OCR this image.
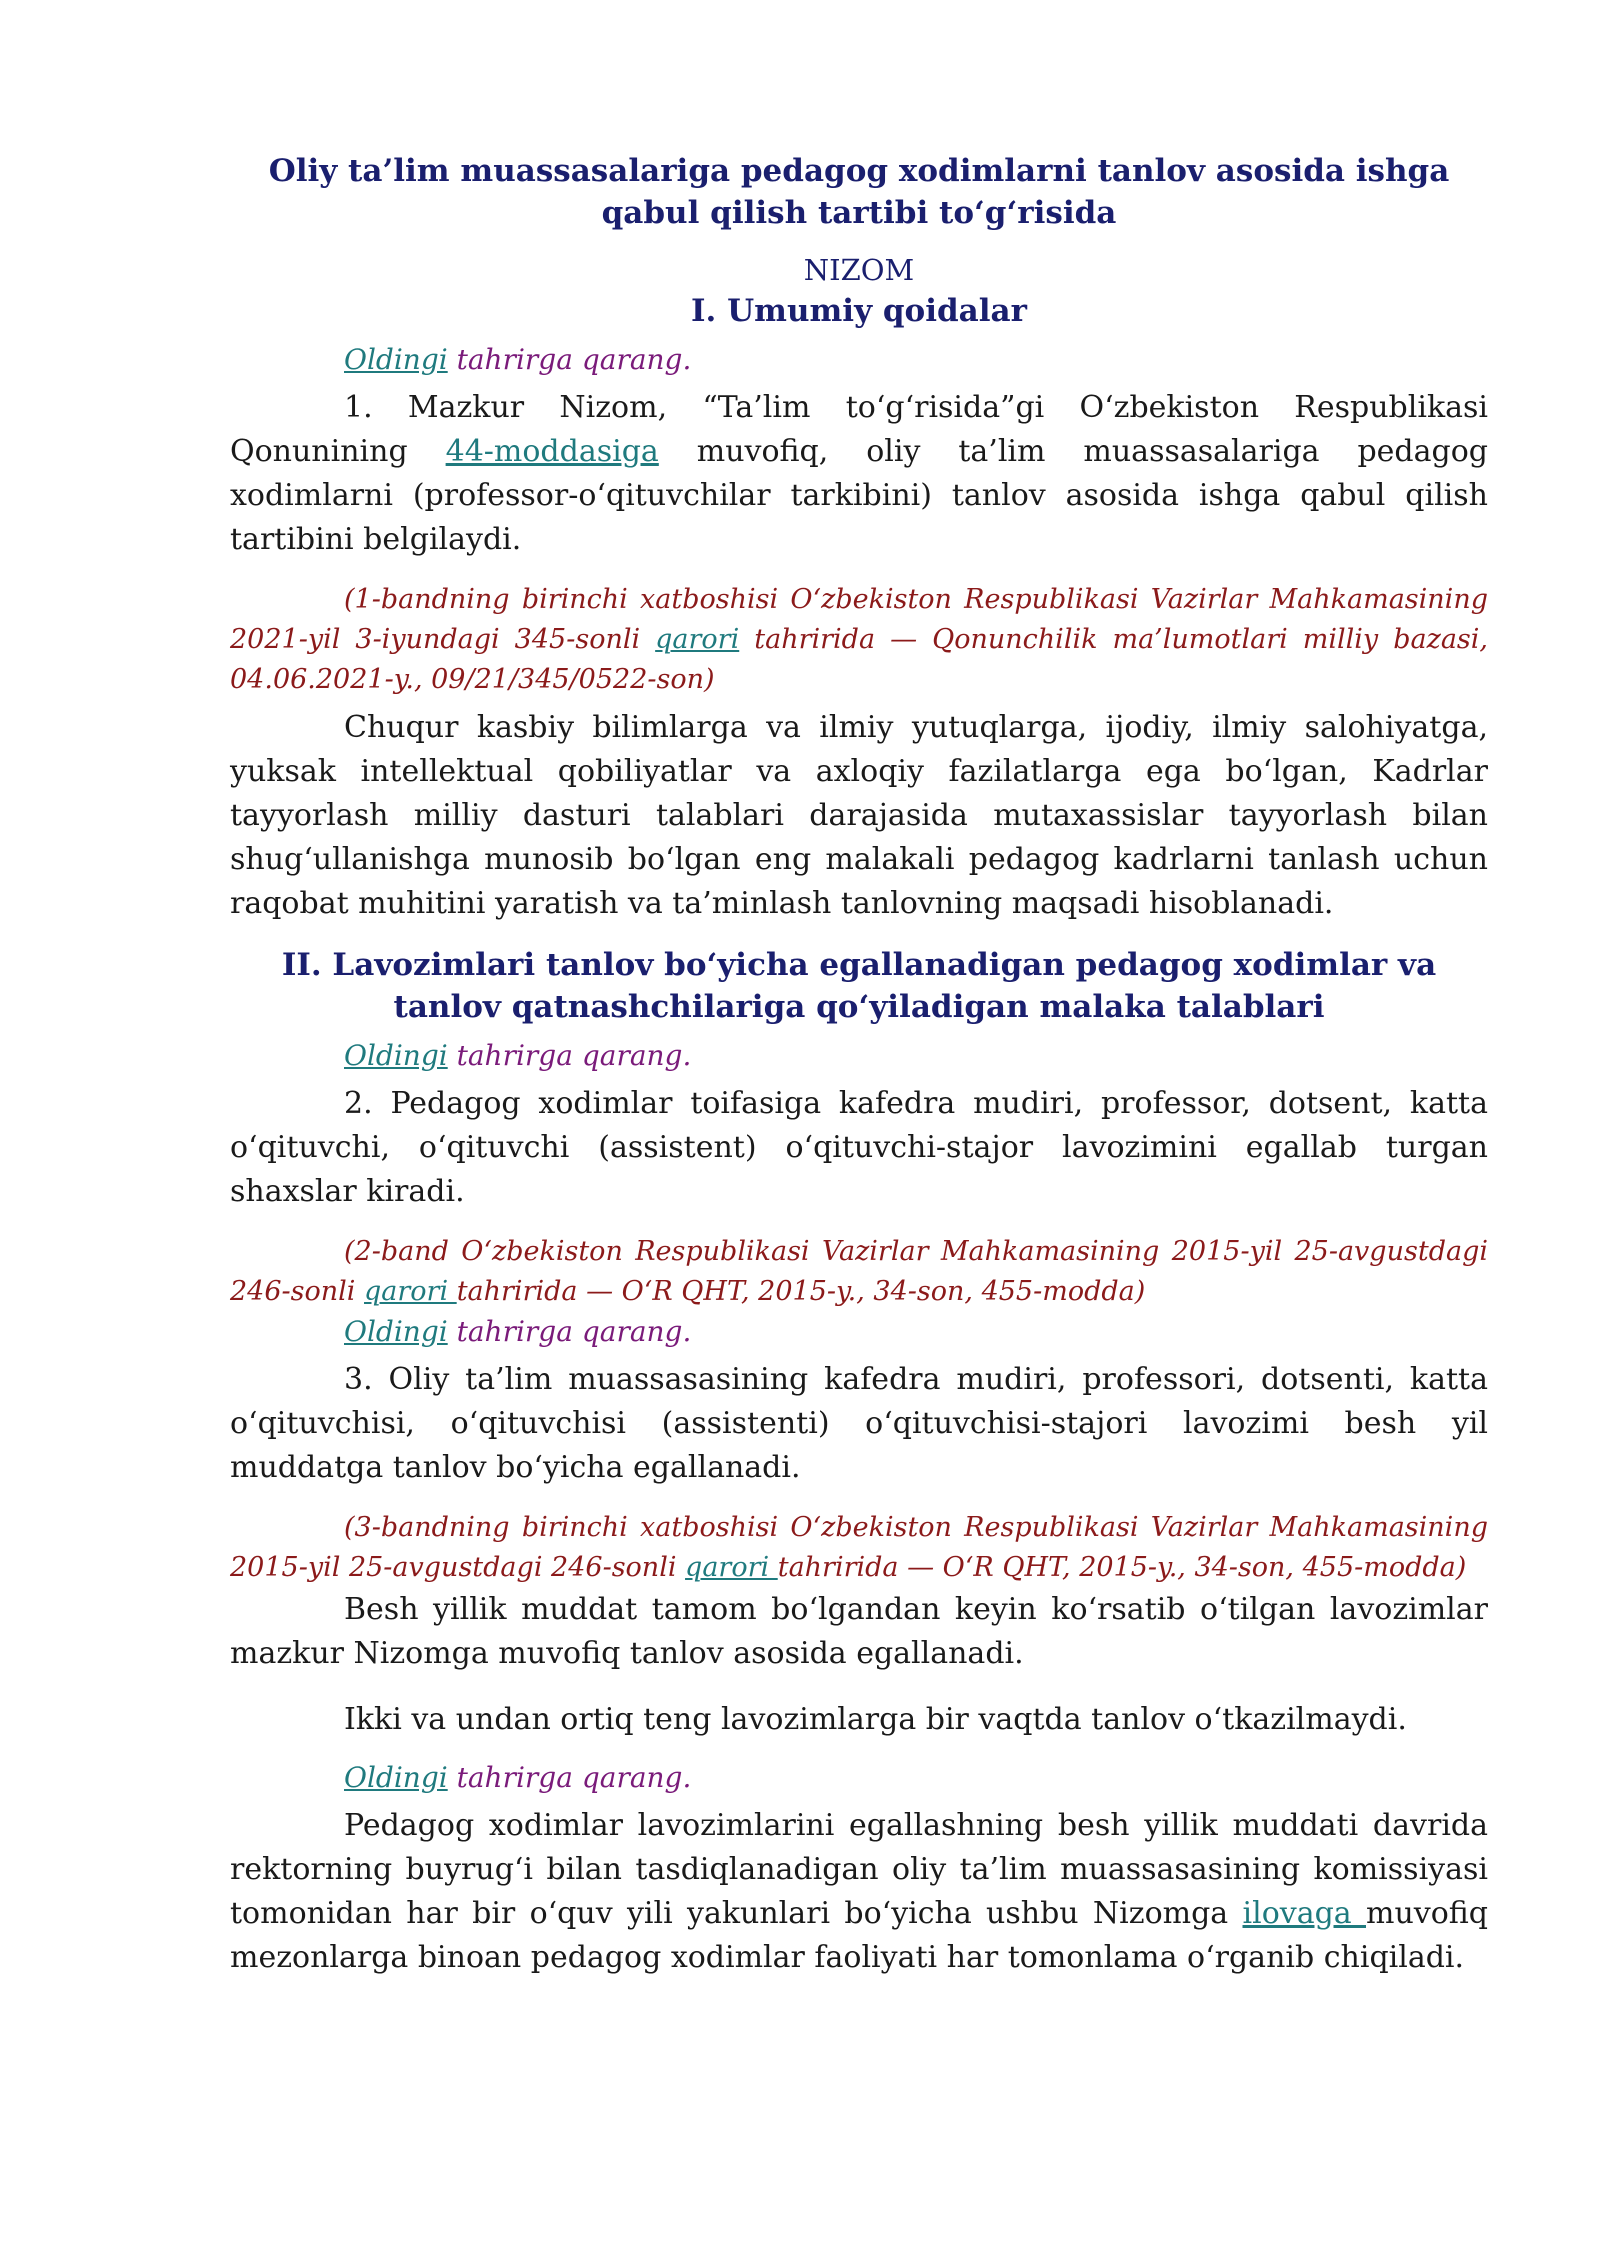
Oliy ta’lim muassasalariga pedagog xodimlarni tanlov asosida ishga qabul qilish tartibi to‘g‘risida
NIZOM
I. Umumiy qoidalar

Oldingi tahrirga qarang.

1. Mazkur Nizom, “Ta’lim to‘g‘risida”gi O‘zbekiston Respublikasi Qonunining 44-moddasiga muvofiq, oliy ta’lim muassasalariga pedagog xodimlarni (professor-o‘qituvchilar tarkibini) tanlov asosida ishga qabul qilish tartibini belgilaydi.

(1-bandning birinchi xatboshisi O‘zbekiston Respublikasi Vazirlar Mahkamasining 2021-yil 3-iyundagi 345-sonli qarori tahririda — Qonunchilik ma’lumotlari milliy bazasi, 04.06.2021-y., 09/21/345/0522-son)

Chuqur kasbiy bilimlarga va ilmiy yutuqlarga, ijodiy, ilmiy salohiyatga, yuksak intellektual qobiliyatlar va axloqiy fazilatlarga ega bo‘lgan, Kadrlar tayyorlash milliy dasturi talablari darajasida mutaxassislar tayyorlash bilan shug‘ullanishga munosib bo‘lgan eng malakali pedagog kadrlarni tanlash uchun raqobat muhitini yaratish va ta’minlash tanlovning maqsadi hisoblanadi.

II. Lavozimlari tanlov bo‘yicha egallanadigan pedagog xodimlar va tanlov qatnashchilariga qo‘yiladigan malaka talablari

Oldingi tahrirga qarang.

2. Pedagog xodimlar toifasiga kafedra mudiri, professor, dotsent, katta o‘qituvchi, o‘qituvchi (assistent) o‘qituvchi-stajor lavozimini egallab turgan shaxslar kiradi.

(2-band O‘zbekiston Respublikasi Vazirlar Mahkamasining 2015-yil 25-avgustdagi 246-sonli qarori tahririda — O‘R QHT, 2015-y., 34-son, 455-modda)

Oldingi tahrirga qarang.

3. Oliy ta’lim muassasasining kafedra mudiri, professori, dotsenti, katta o‘qituvchisi, o‘qituvchisi (assistenti) o‘qituvchisi-stajori lavozimi besh yil muddatga tanlov bo‘yicha egallanadi.

(3-bandning birinchi xatboshisi O‘zbekiston Respublikasi Vazirlar Mahkamasining 2015-yil 25-avgustdagi 246-sonli qarori tahririda — O‘R QHT, 2015-y., 34-son, 455-modda)

Besh yillik muddat tamom bo‘lgandan keyin ko‘rsatib o‘tilgan lavozimlar mazkur Nizomga muvofiq tanlov asosida egallanadi.

Ikki va undan ortiq teng lavozimlarga bir vaqtda tanlov o‘tkazilmaydi.

Oldingi tahrirga qarang.

Pedagog xodimlar lavozimlarini egallashning besh yillik muddati davrida rektorning buyrug‘i bilan tasdiqlanadigan oliy ta’lim muassasasining komissiyasi tomonidan har bir o‘quv yili yakunlari bo‘yicha ushbu Nizomga ilovaga muvofiq mezonlarga binoan pedagog xodimlar faoliyati har tomonlama o‘rganib chiqiladi.
